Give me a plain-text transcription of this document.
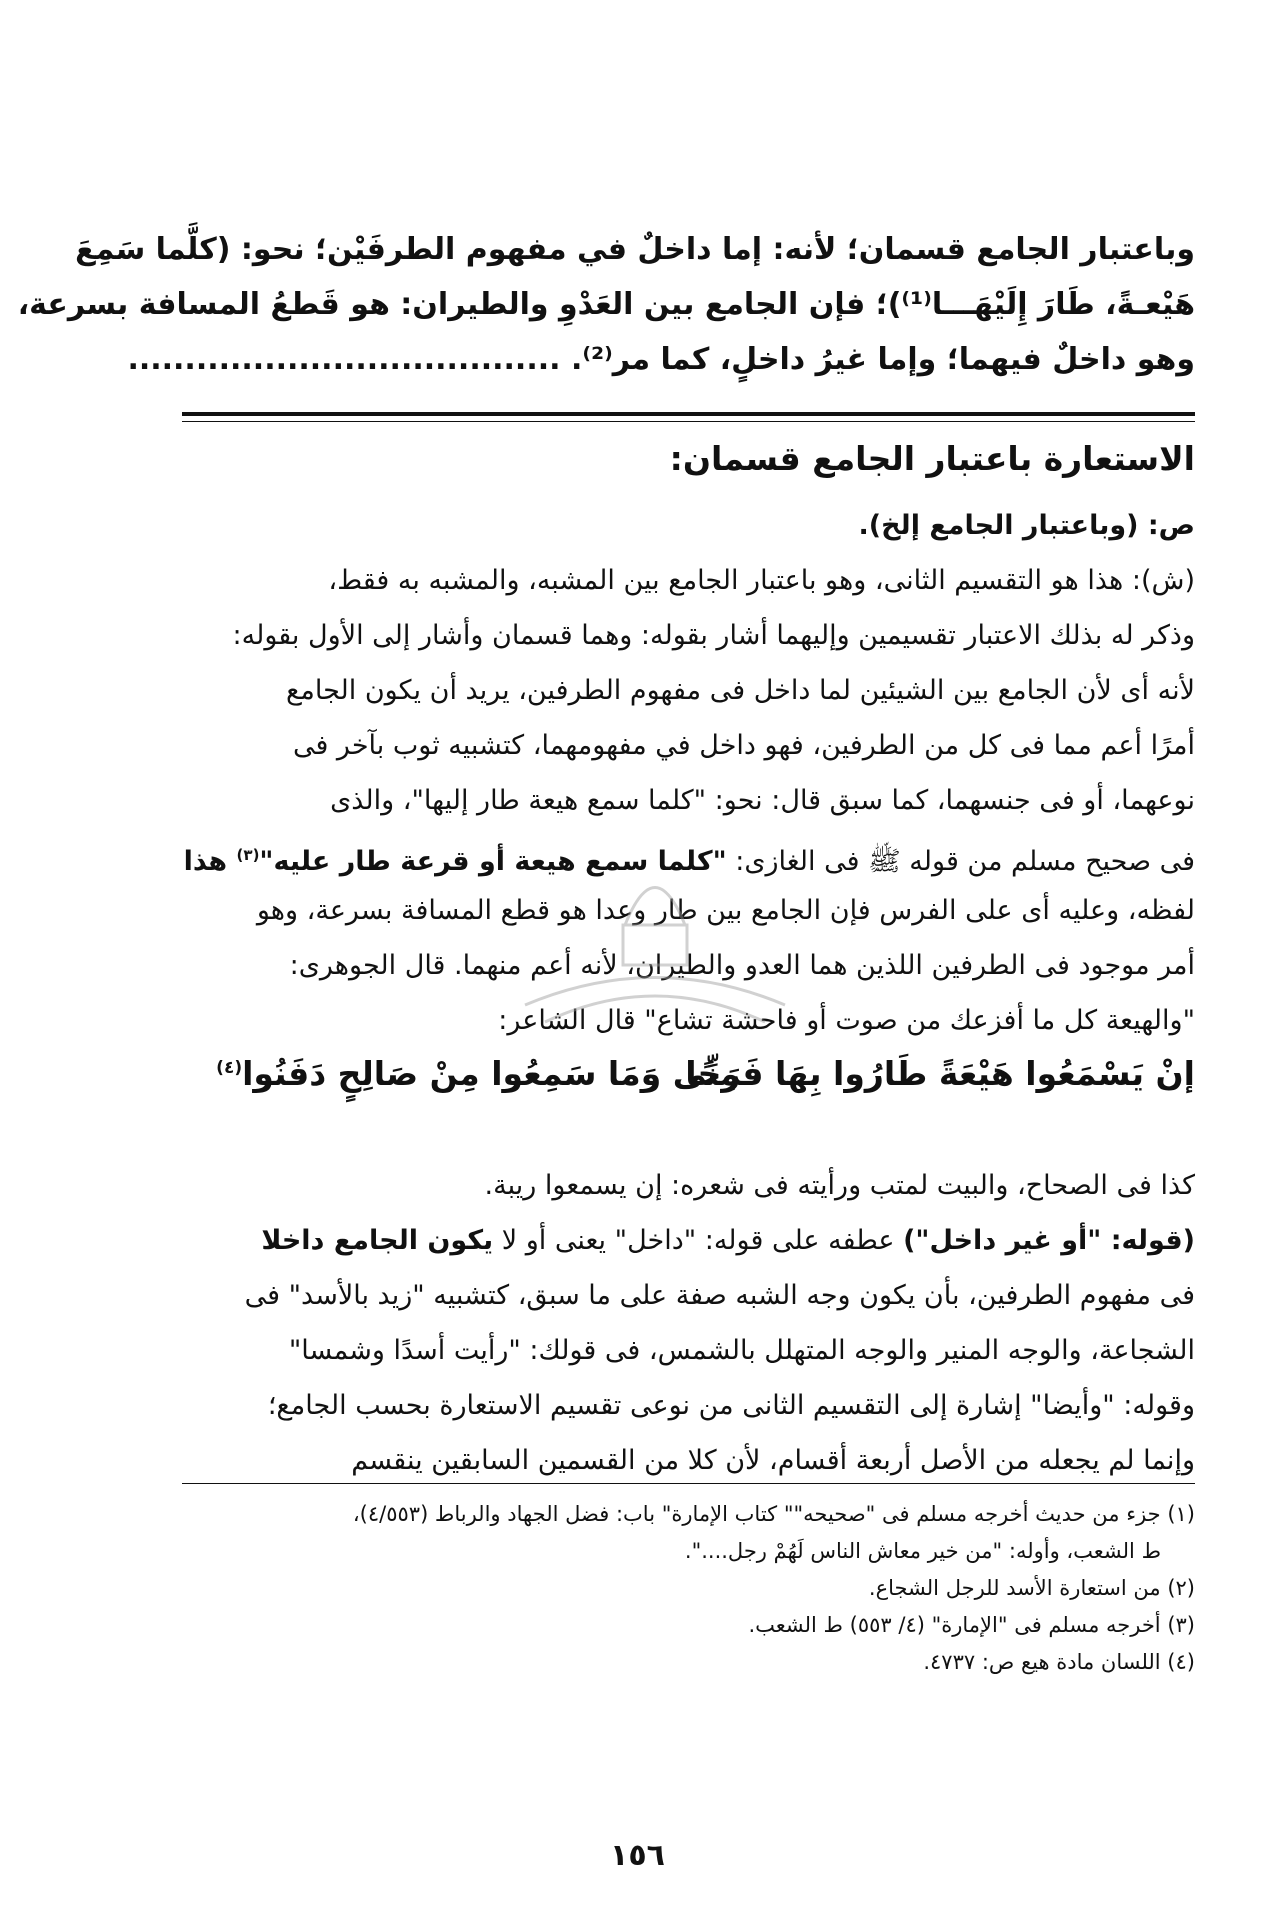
وباعتبار الجامع قسمان؛ لأنه: إما داخلٌ في مفهوم الطرفَيْن؛ نحو: (كلَّما سَمِعَ
هَيْعـةً، طَارَ إِلَيْهَـــا⁽¹⁾)؛ فإن الجامع بين العَدْوِ والطيران: هو قَطعُ المسافة بسرعة،
وهو داخلٌ فيهما؛ وإما غيرُ داخلٍ، كما مر⁽²⁾. ......................................
الاستعارة باعتبار الجامع قسمان:
ص: (وباعتبار الجامع إلخ).
(ش): هذا هو التقسيم الثانى، وهو باعتبار الجامع بين المشبه، والمشبه به فقط،
وذكر له بذلك الاعتبار تقسيمين وإليهما أشار بقوله: وهما قسمان وأشار إلى الأول بقوله:
لأنه أى لأن الجامع بين الشيئين لما داخل فى مفهوم الطرفين، يريد أن يكون الجامع
أمرًا أعم مما فى كل من الطرفين، فهو داخل في مفهومهما، كتشبيه ثوب بآخر فى
نوعهما، أو فى جنسهما، كما سبق قال: نحو: "كلما سمع هيعة طار إليها"، والذى
فى صحيح مسلم من قوله ﷺ فى الغازى: "كلما سمع هيعة أو قرعة طار عليه"$^{(٣)}$ هذا
لفظه، وعليه أى على الفرس فإن الجامع بين طار وعدا هو قطع المسافة بسرعة، وهو
أمر موجود فى الطرفين اللذين هما العدو والطيران، لأنه أعم منهما. قال الجوهرى:
"والهيعة كل ما أفزعك من صوت أو فاحشة تشاع" قال الشاعر:
إنْ يَسْمَعُوا هَيْعَةً طَارُوا بِهَا فَرَحًا
مِنِّى وَمَا سَمِعُوا مِنْ صَالِحٍ دَفَنُوا$^{(٤)}$
كذا فى الصحاح، والبيت لمتب ورأيته فى شعره: إن يسمعوا ريبة.
(قوله: "أو غير داخل") عطفه على قوله: "داخل" يعنى أو لا يكون الجامع داخلا
فى مفهوم الطرفين، بأن يكون وجه الشبه صفة على ما سبق، كتشبيه "زيد بالأسد" فى
الشجاعة، والوجه المنير والوجه المتهلل بالشمس، فى قولك: "رأيت أسدًا وشمسا"
وقوله: "وأيضا" إشارة إلى التقسيم الثانى من نوعى تقسيم الاستعارة بحسب الجامع؛
وإنما لم يجعله من الأصل أربعة أقسام، لأن كلا من القسمين السابقين ينقسم
(١) جزء من حديث أخرجه مسلم فى "صحيحه"" كتاب الإمارة" باب: فضل الجهاد والرباط (٤/٥٥٣)،
ط الشعب، وأوله: "من خير معاش الناس لَهُمْ رجل....".
(٢) من استعارة الأسد للرجل الشجاع.
(٣) أخرجه مسلم فى "الإمارة" (٤/ ٥٥٣) ط الشعب.
(٤) اللسان مادة هيع ص: ٤٧٣٧.
١٥٦
